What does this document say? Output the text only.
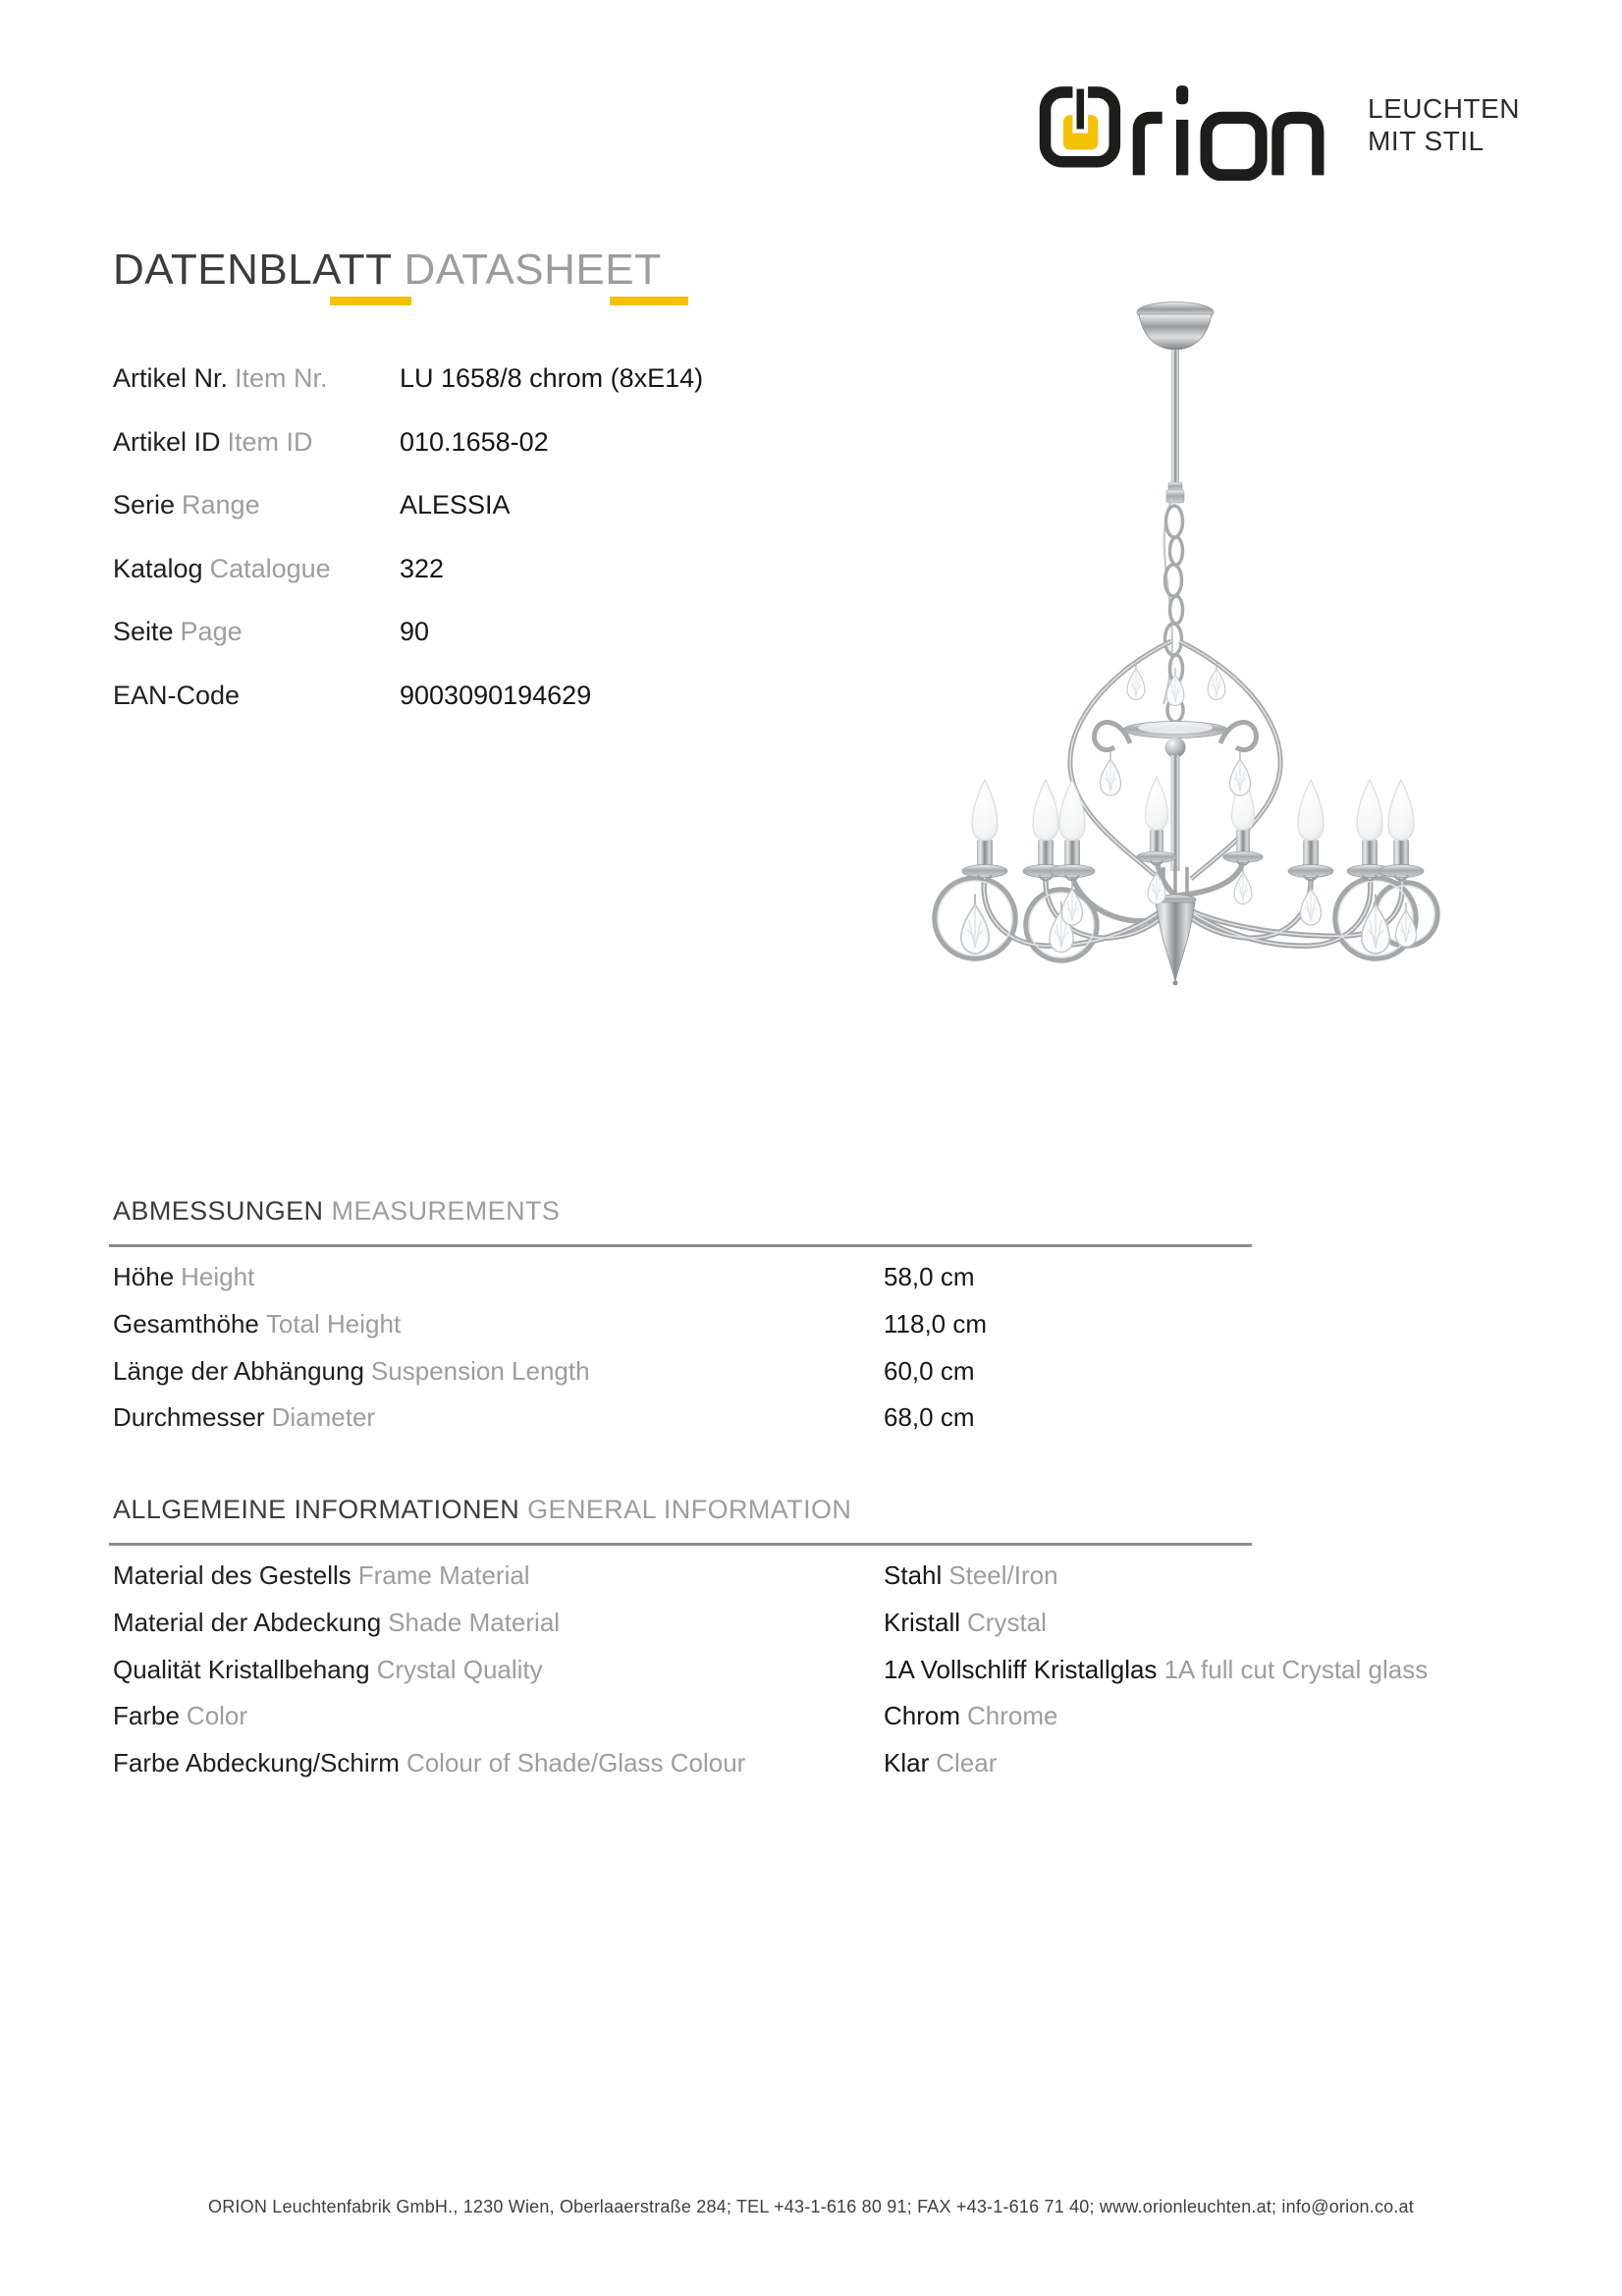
LEUCHTEN
MIT STIL
DATENBLATT DATASHEET
Artikel Nr. Item Nr.	LU 1658/8 chrom (8xE14)
Artikel ID Item ID	010.1658-02
Serie Range	ALESSIA
Katalog Catalogue	322
Seite Page	90
EAN-Code	9003090194629
ABMESSUNGEN MEASUREMENTS
Höhe Height	58,0 cm
Gesamthöhe Total Height	118,0 cm
Länge der Abhängung Suspension Length	60,0 cm
Durchmesser Diameter	68,0 cm
ALLGEMEINE INFORMATIONEN GENERAL INFORMATION
Material des Gestells Frame Material	Stahl Steel/Iron
Material der Abdeckung Shade Material	Kristall Crystal
Qualität Kristallbehang Crystal Quality	1A Vollschliff Kristallglas 1A full cut Crystal glass
Farbe Color	Chrom Chrome
Farbe Abdeckung/Schirm Colour of Shade/Glass Colour	Klar Clear
ORION Leuchtenfabrik GmbH., 1230 Wien, Oberlaaerstraße 284; TEL +43-1-616 80 91; FAX +43-1-616 71 40; www.orionleuchten.at; info@orion.co.at
